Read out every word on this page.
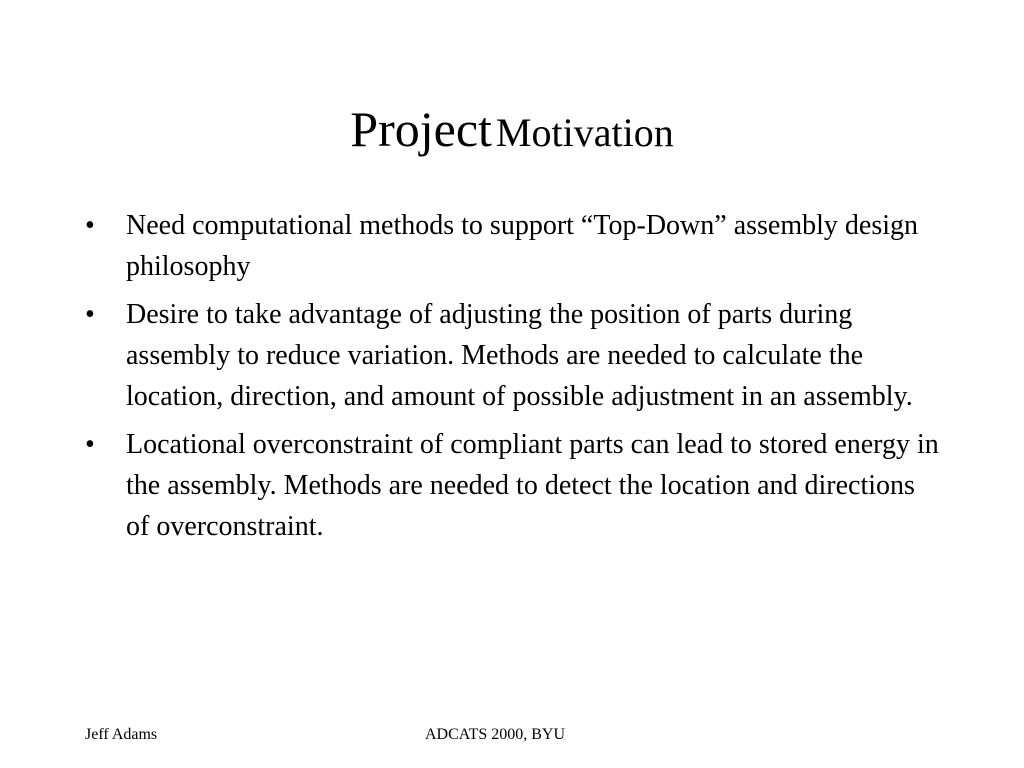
Project Motivation
•	Need computational methods to support “Top-Down” assembly design philosophy
•	Desire to take advantage of adjusting the position of parts during assembly to reduce variation. Methods are needed to calculate the location, direction, and amount of possible adjustment in an assembly.
•	Locational overconstraint of compliant parts can lead to stored energy in the assembly. Methods are needed to detect the location and directions of overconstraint.
Jeff Adams	ADCATS 2000, BYU
